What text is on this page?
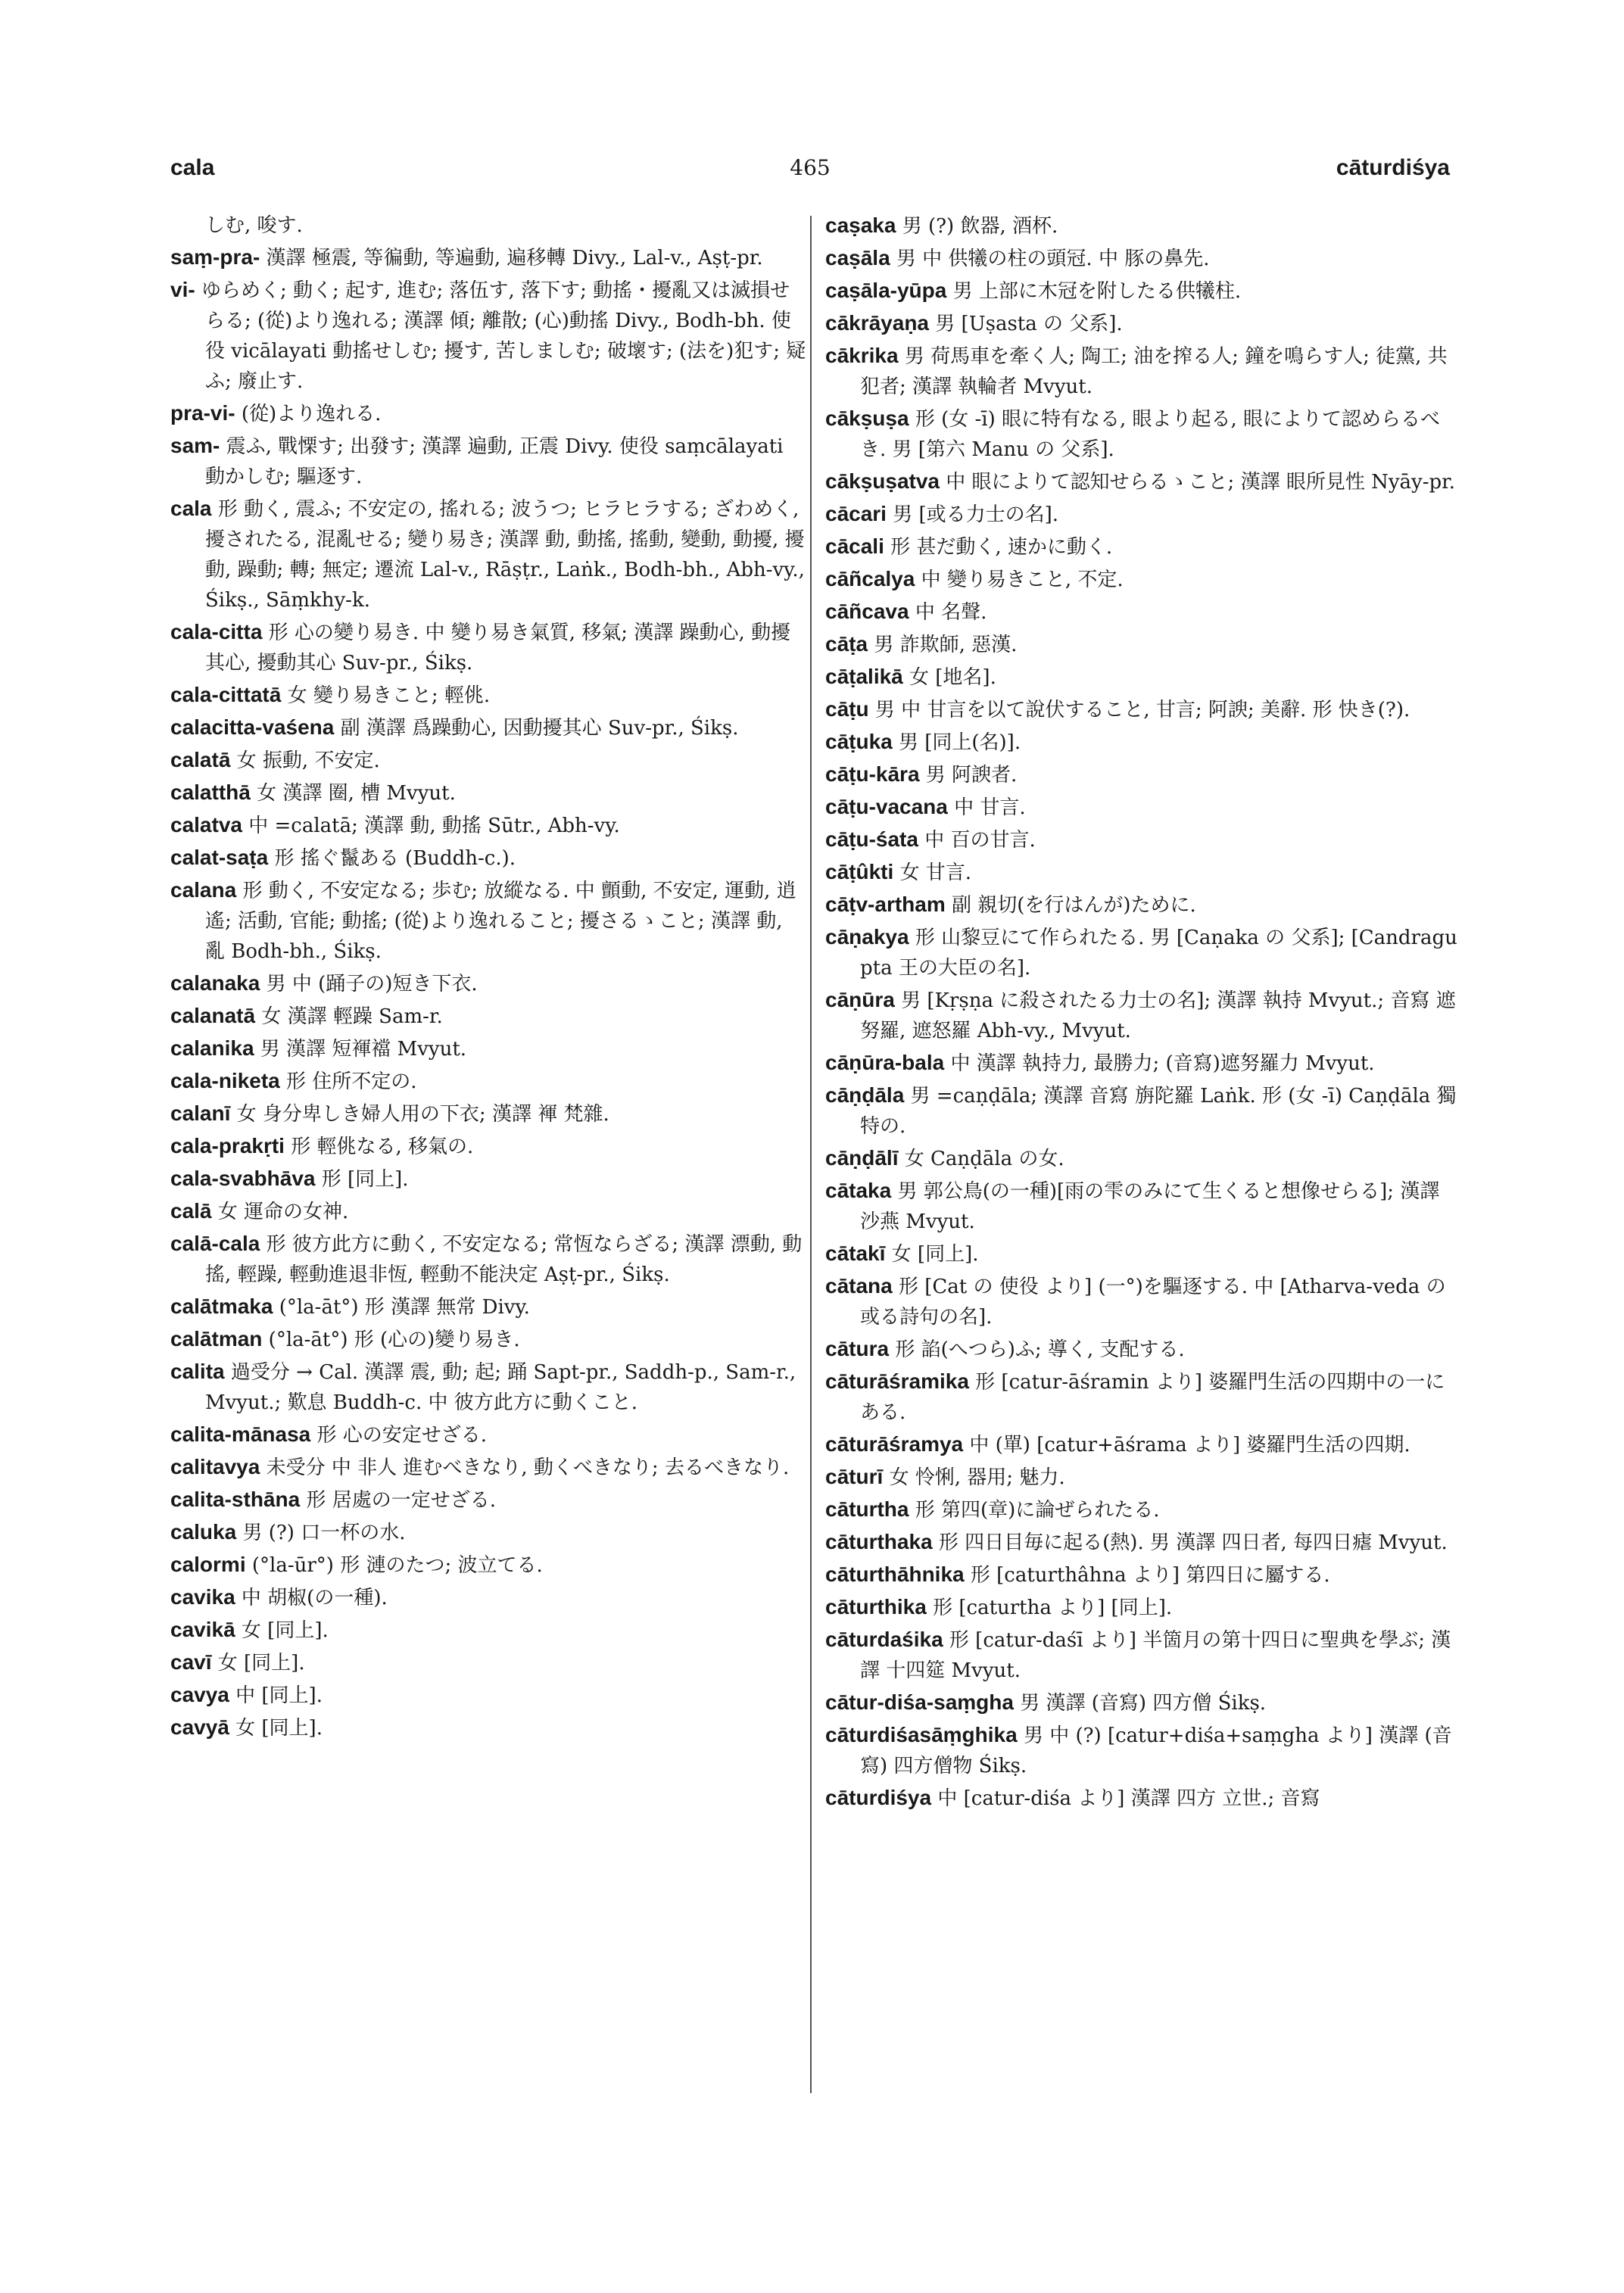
cala	465	cāturdiśya
しむ, 唆す.
saṃ-pra- 漢譯 極震, 等徧動, 等遍動, 遍移轉 Divy., Lal-v., Aṣṭ-pr.
vi- ゆらめく; 動く; 起す, 進む; 落伍す, 落下す; 動搖・擾亂又は滅損せらる; (從)より逸れる; 漢譯 傾; 離散; (心)動搖 Divy., Bodh-bh. 使役 vicālayati 動搖せしむ; 擾す, 苦しましむ; 破壞す; (法を)犯す; 疑ふ; 廢止す.
pra-vi- (從)より逸れる.
sam- 震ふ, 戰慄す; 出發す; 漢譯 遍動, 正震 Divy. 使役 saṃcālayati 動かしむ; 驅逐す.
cala 形 動く, 震ふ; 不安定の, 搖れる; 波うつ; ヒラヒラする; ざわめく, 擾されたる, 混亂せる; 變り易き; 漢譯 動, 動搖, 搖動, 變動, 動擾, 擾動, 躁動; 轉; 無定; 遷流 Lal-v., Rāṣṭr., Laṅk., Bodh-bh., Abh-vy., Śikṣ., Sāṃkhy-k.
cala-citta 形 心の變り易き. 中 變り易き氣質, 移氣; 漢譯 躁動心, 動擾其心, 擾動其心 Suv-pr., Śikṣ.
cala-cittatā 女 變り易きこと; 輕佻.
calacitta-vaśena 副 漢譯 爲躁動心, 因動擾其心 Suv-pr., Śikṣ.
calatā 女 振動, 不安定.
calatthā 女 漢譯 圈, 槽 Mvyut.
calatva 中 =calatā; 漢譯 動, 動搖 Sūtr., Abh-vy.
calat-saṭa 形 搖ぐ鬣ある (Buddh-c.).
calana 形 動く, 不安定なる; 歩む; 放縱なる. 中 顫動, 不安定, 運動, 逍遙; 活動, 官能; 動搖; (從)より逸れること; 擾さるゝこと; 漢譯 動, 亂 Bodh-bh., Śikṣ.
calanaka 男 中 (踊子の)短き下衣.
calanatā 女 漢譯 輕躁 Sam-r.
calanika 男 漢譯 短褌襠 Mvyut.
cala-niketa 形 住所不定の.
calanī 女 身分卑しき婦人用の下衣; 漢譯 褌 梵雜.
cala-prakṛti 形 輕佻なる, 移氣の.
cala-svabhāva 形 [同上].
calā 女 運命の女神.
calā-cala 形 彼方此方に動く, 不安定なる; 常恆ならざる; 漢譯 漂動, 動搖, 輕躁, 輕動進退非恆, 輕動不能決定 Aṣṭ-pr., Śikṣ.
calātmaka (°la-āt°) 形 漢譯 無常 Divy.
calātman (°la-āt°) 形 (心の)變り易き.
calita 過受分 → Cal. 漢譯 震, 動; 起; 踊 Sapt-pr., Saddh-p., Sam-r., Mvyut.; 歎息 Buddh-c. 中 彼方此方に動くこと.
calita-mānasa 形 心の安定せざる.
calitavya 未受分 中 非人 進むべきなり, 動くべきなり; 去るべきなり.
calita-sthāna 形 居處の一定せざる.
caluka 男 (?) 口一杯の水.
calormi (°la-ūr°) 形 漣のたつ; 波立てる.
cavika 中 胡椒(の一種).
cavikā 女 [同上].
cavī 女 [同上].
cavya 中 [同上].
cavyā 女 [同上].
caṣaka 男 (?) 飲器, 酒杯.
caṣāla 男 中 供犧の柱の頭冠. 中 豚の鼻先.
caṣāla-yūpa 男 上部に木冠を附したる供犧柱.
cākrāyaṇa 男 [Uṣasta の 父系].
cākrika 男 荷馬車を牽く人; 陶工; 油を搾る人; 鐘を鳴らす人; 徒黨, 共犯者; 漢譯 執輪者 Mvyut.
cākṣuṣa 形 (女 -ī) 眼に特有なる, 眼より起る, 眼によりて認めらるべき. 男 [第六 Manu の 父系].
cākṣuṣatva 中 眼によりて認知せらるゝこと; 漢譯 眼所見性 Nyāy-pr.
cācari 男 [或る力士の名].
cācali 形 甚だ動く, 速かに動く.
cāñcalya 中 變り易きこと, 不定.
cāñcava 中 名聲.
cāṭa 男 詐欺師, 惡漢.
cāṭalikā 女 [地名].
cāṭu 男 中 甘言を以て說伏すること, 甘言; 阿諛; 美辭. 形 快き(?).
cāṭuka 男 [同上(名)].
cāṭu-kāra 男 阿諛者.
cāṭu-vacana 中 甘言.
cāṭu-śata 中 百の甘言.
cāṭûkti 女 甘言.
cāṭv-artham 副 親切(を行はんが)ために.
cāṇakya 形 山黎豆にて作られたる. 男 [Caṇaka の 父系]; [Candragupta 王の大臣の名].
cāṇūra 男 [Kṛṣṇa に殺されたる力士の名]; 漢譯 執持 Mvyut.; 音寫 遮努羅, 遮怒羅 Abh-vy., Mvyut.
cāṇūra-bala 中 漢譯 執持力, 最勝力; (音寫)遮努羅力 Mvyut.
cāṇḍāla 男 =caṇḍāla; 漢譯 音寫 旃陀羅 Laṅk. 形 (女 -ī) Caṇḍāla 獨特の.
cāṇḍālī 女 Caṇḍāla の女.
cātaka 男 郭公鳥(の一種)[雨の雫のみにて生くると想像せらる]; 漢譯 沙燕 Mvyut.
cātakī 女 [同上].
cātana 形 [Cat の 使役 より] (一°)を驅逐する. 中 [Atharva-veda の或る詩句の名].
cātura 形 諂(へつら)ふ; 導く, 支配する.
cāturāśramika 形 [catur-āśramin より] 婆羅門生活の四期中の一にある.
cāturāśramya 中 (單) [catur+āśrama より] 婆羅門生活の四期.
cāturī 女 怜悧, 器用; 魅力.
cāturtha 形 第四(章)に論ぜられたる.
cāturthaka 形 四日目毎に起る(熱). 男 漢譯 四日者, 每四日瘧 Mvyut.
cāturthāhnika 形 [caturthâhna より] 第四日に屬する.
cāturthika 形 [caturtha より] [同上].
cāturdaśika 形 [catur-daśī より] 半箇月の第十四日に聖典を學ぶ; 漢譯 十四筵 Mvyut.
cātur-diśa-saṃgha 男 漢譯 (音寫) 四方僧 Śikṣ.
cāturdiśasāṃghika 男 中 (?) [catur+diśa+saṃgha より] 漢譯 (音寫) 四方僧物 Śikṣ.
cāturdiśya 中 [catur-diśa より] 漢譯 四方 立世.; 音寫
